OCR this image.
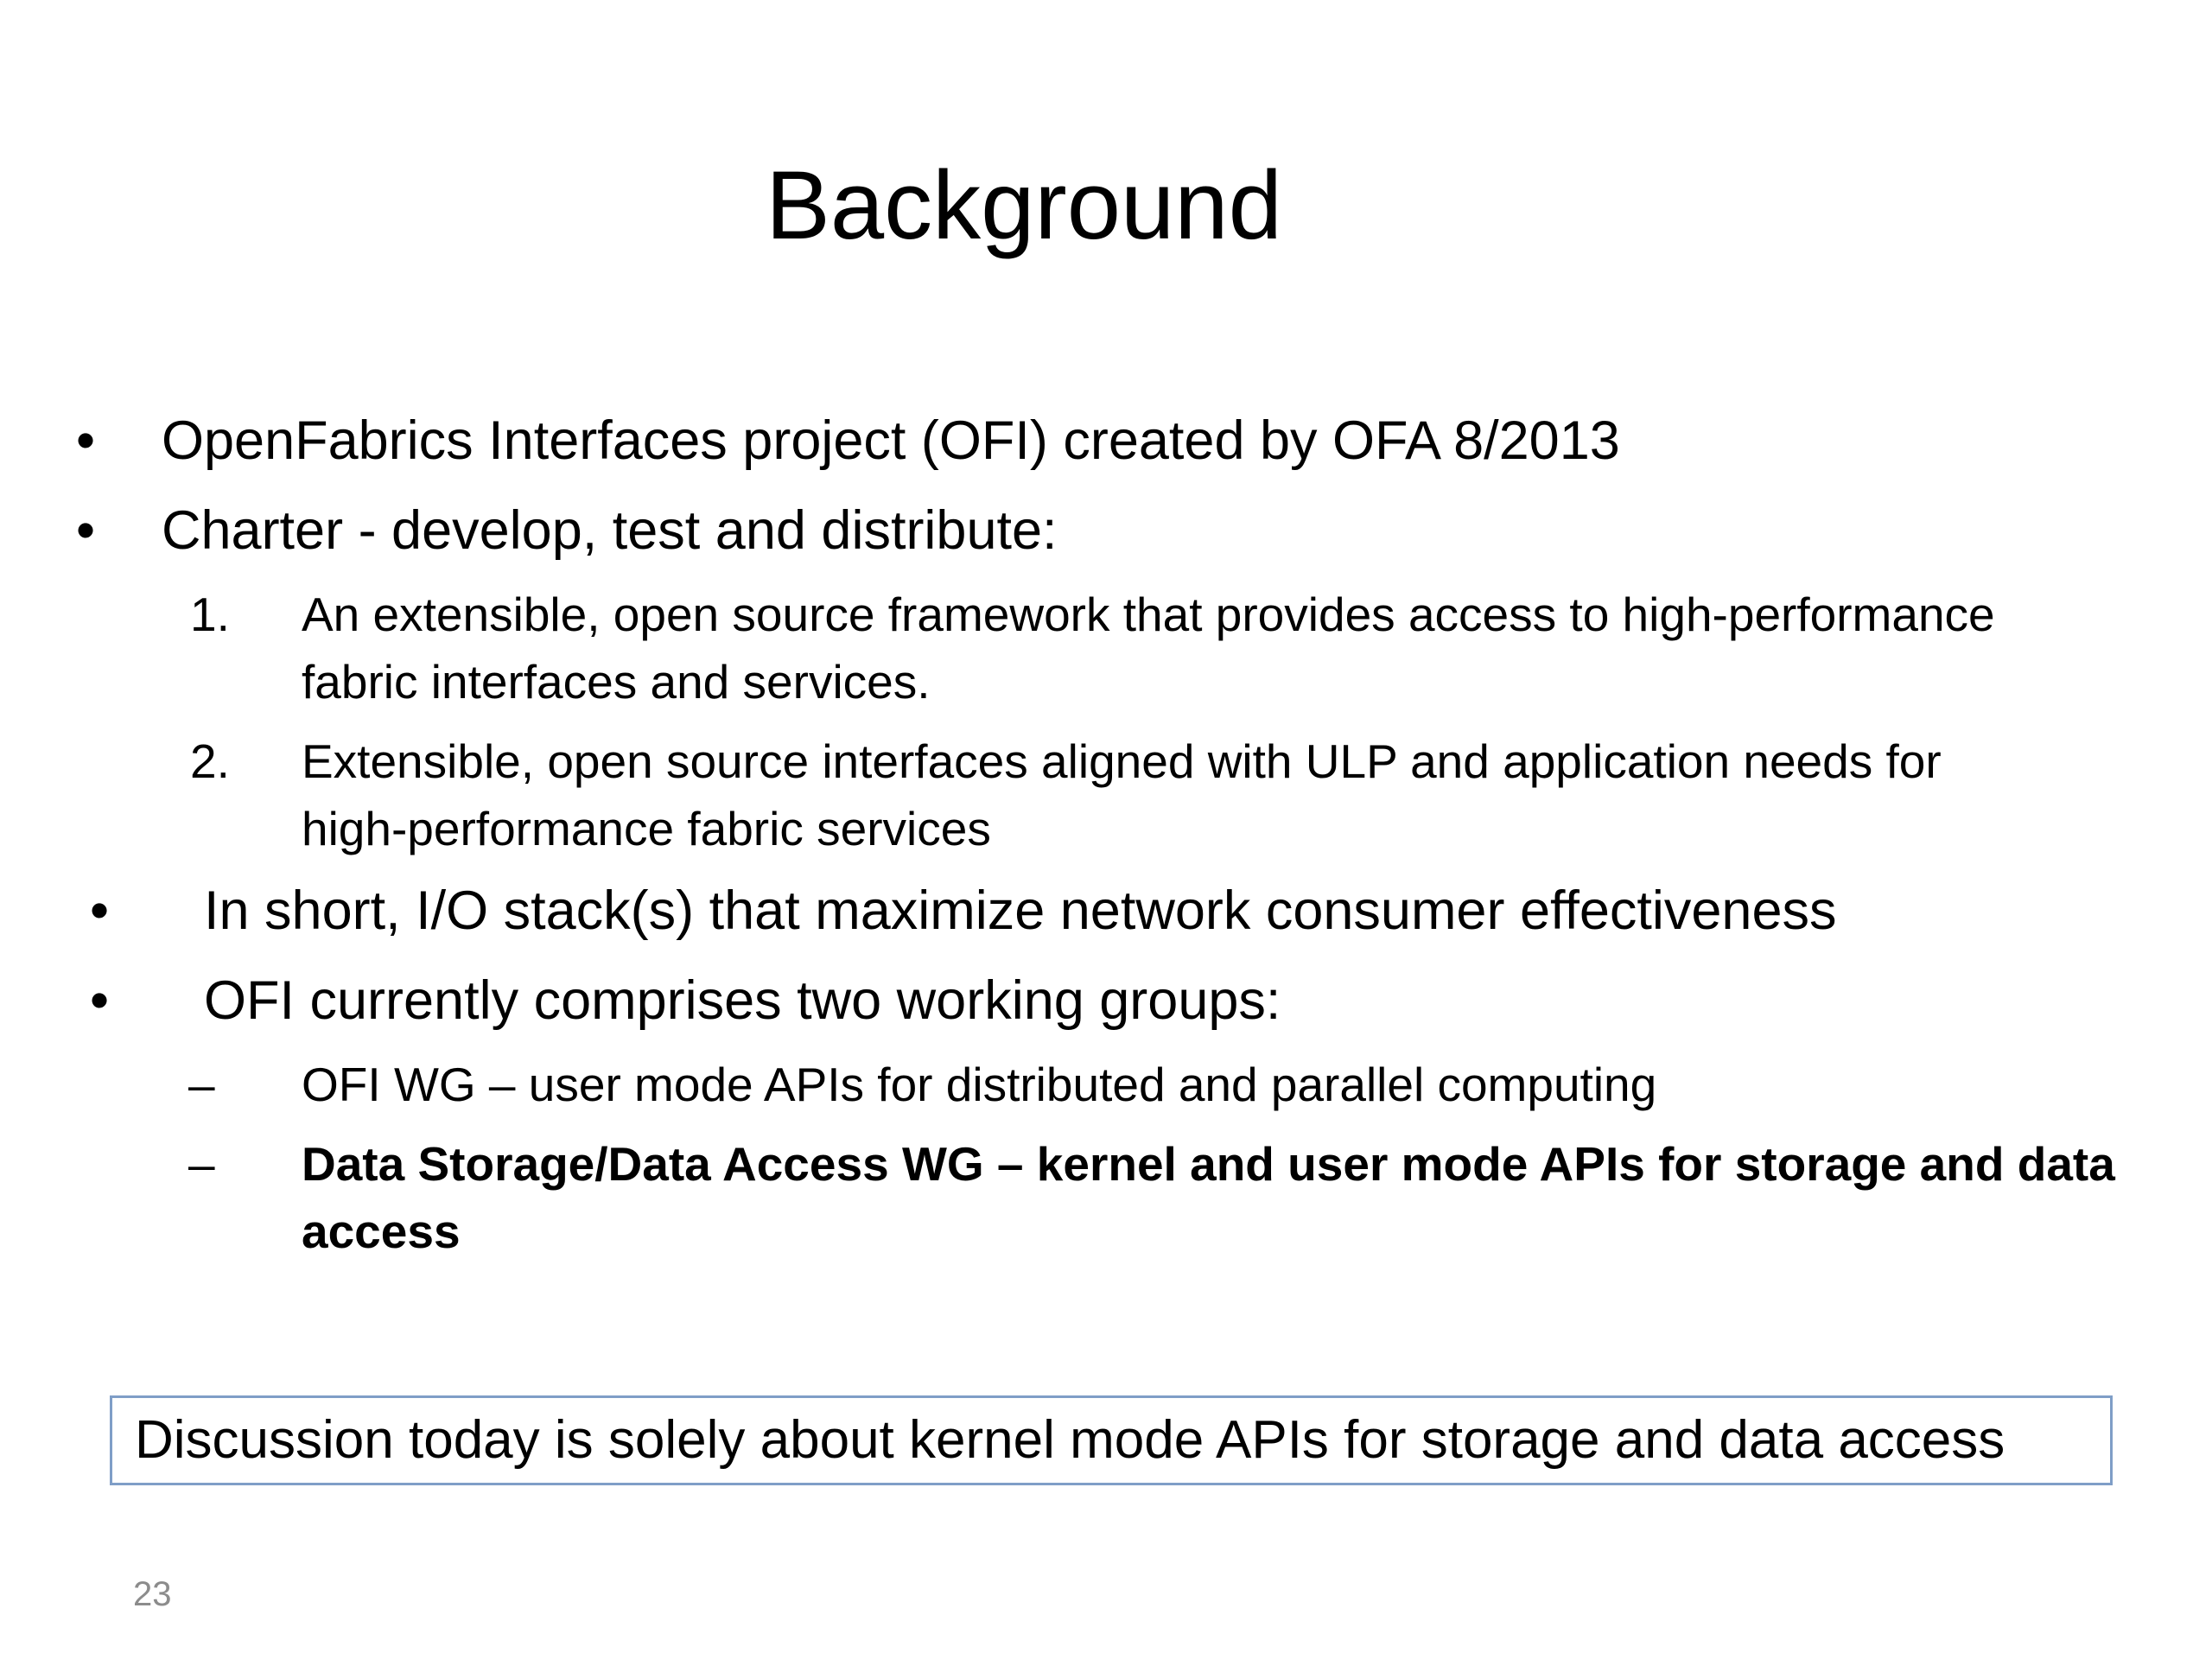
Background
• OpenFabrics Interfaces project (OFI) created by OFA 8/2013
• Charter - develop, test and distribute:
1. An extensible, open source framework that provides access to high-performance
fabric interfaces and services.
2. Extensible, open source interfaces aligned with ULP and application needs for
high-performance fabric services
• In short, I/O stack(s) that maximize network consumer effectiveness
• OFI currently comprises two working groups:
– OFI WG – user mode APIs for distributed and parallel computing
– Data Storage/Data Access WG – kernel and user mode APIs for storage and data
access
Discussion today is solely about kernel mode APIs for storage and data access
23
